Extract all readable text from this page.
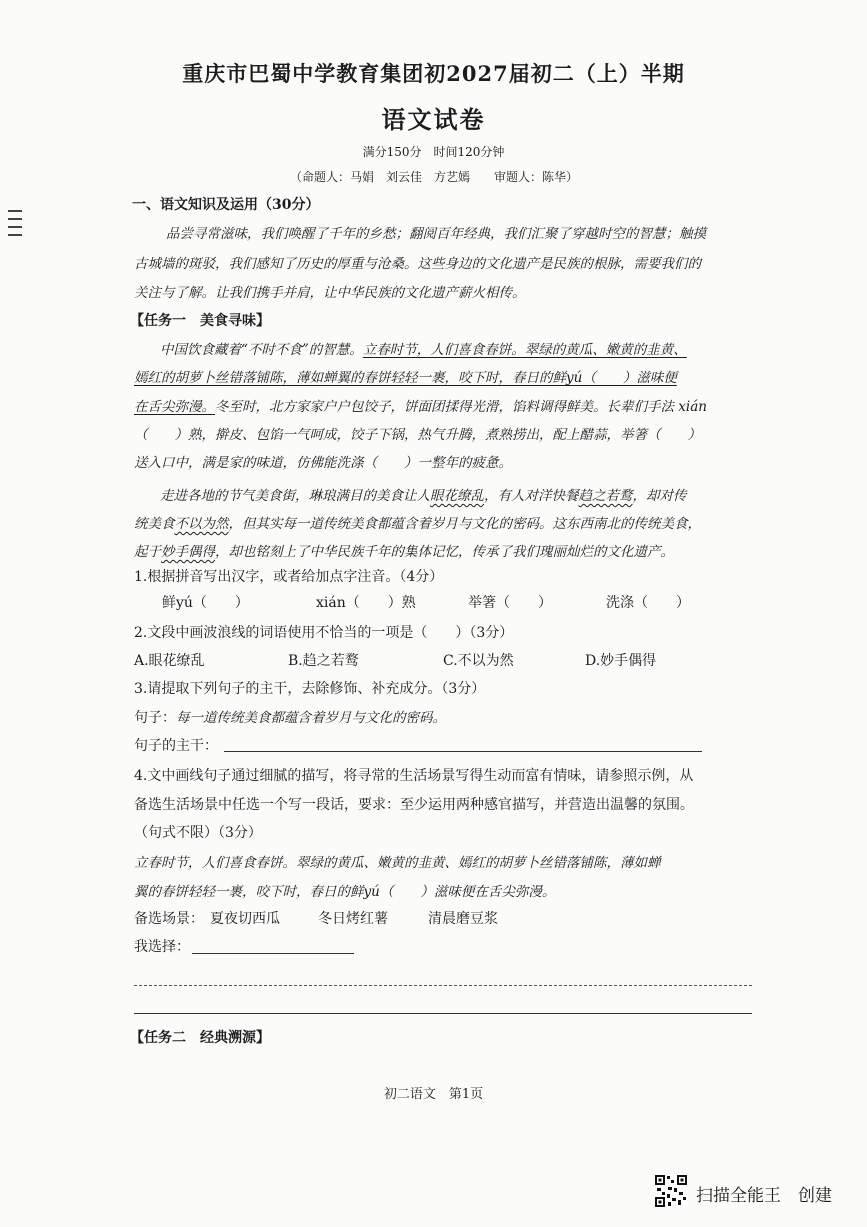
重庆市巴蜀中学教育集团初2027届初二（上）半期
语文试卷
满分150分　时间120分钟
（命题人：马娟　刘云佳　方艺嫣　　审题人：陈华）
一、语文知识及运用（30分）
品尝寻常滋味，我们唤醒了千年的乡愁；翻阅百年经典，我们汇聚了穿越时空的智慧；触摸
古城墙的斑驳，我们感知了历史的厚重与沧桑。这些身边的文化遗产是民族的根脉，需要我们的
关注与了解。让我们携手并肩，让中华民族的文化遗产薪火相传。
【任务一　美食寻味】
中国饮食藏着“不时不食”的智慧。立春时节，人们喜食春饼。翠绿的黄瓜、嫩黄的韭黄、
嫣红的胡萝卜丝错落铺陈，薄如蝉翼的春饼轻轻一裹，咬下时，春日的鲜yú（　　）滋味便
在舌尖弥漫。冬至时，北方家家户户包饺子，饼面团揉得光滑，馅料调得鲜美。长辈们手法 xián
（　　）熟，擀皮、包馅一气呵成，饺子下锅，热气升腾，煮熟捞出，配上醋蒜，举箸（　　）
送入口中，满是家的味道，仿佛能洗涤（　　）一整年的疲惫。
走进各地的节气美食街，琳琅满目的美食让人眼花缭乱，有人对洋快餐趋之若鹜，却对传
统美食不以为然，但其实每一道传统美食都蕴含着岁月与文化的密码。这东西南北的传统美食，
起于妙手偶得，却也铭刻上了中华民族千年的集体记忆，传承了我们瑰丽灿烂的文化遗产。
1.根据拼音写出汉字，或者给加点字注音。（4分）
鲜yú（　　）	xián（　　）熟	举箸（　　）	洗涤（　　）
2.文段中画波浪线的词语使用不恰当的一项是（　　）（3分）
A.眼花缭乱	B.趋之若鹜	C.不以为然	D.妙手偶得
3.请提取下列句子的主干，去除修饰、补充成分。（3分）
句子：每一道传统美食都蕴含着岁月与文化的密码。
句子的主干：
4.文中画线句子通过细腻的描写，将寻常的生活场景写得生动而富有情味，请参照示例，从
备选生活场景中任选一个写一段话，要求：至少运用两种感官描写，并营造出温馨的氛围。
（句式不限）（3分）
立春时节，人们喜食春饼。翠绿的黄瓜、嫩黄的韭黄、嫣红的胡萝卜丝错落铺陈，薄如蝉
翼的春饼轻轻一裹，咬下时，春日的鲜yú（　　）滋味便在舌尖弥漫。
备选场景： 夏夜切西瓜	冬日烤红薯	清晨磨豆浆
我选择：
【任务二　经典溯源】
初二语文　第1页
扫描全能王　创建
